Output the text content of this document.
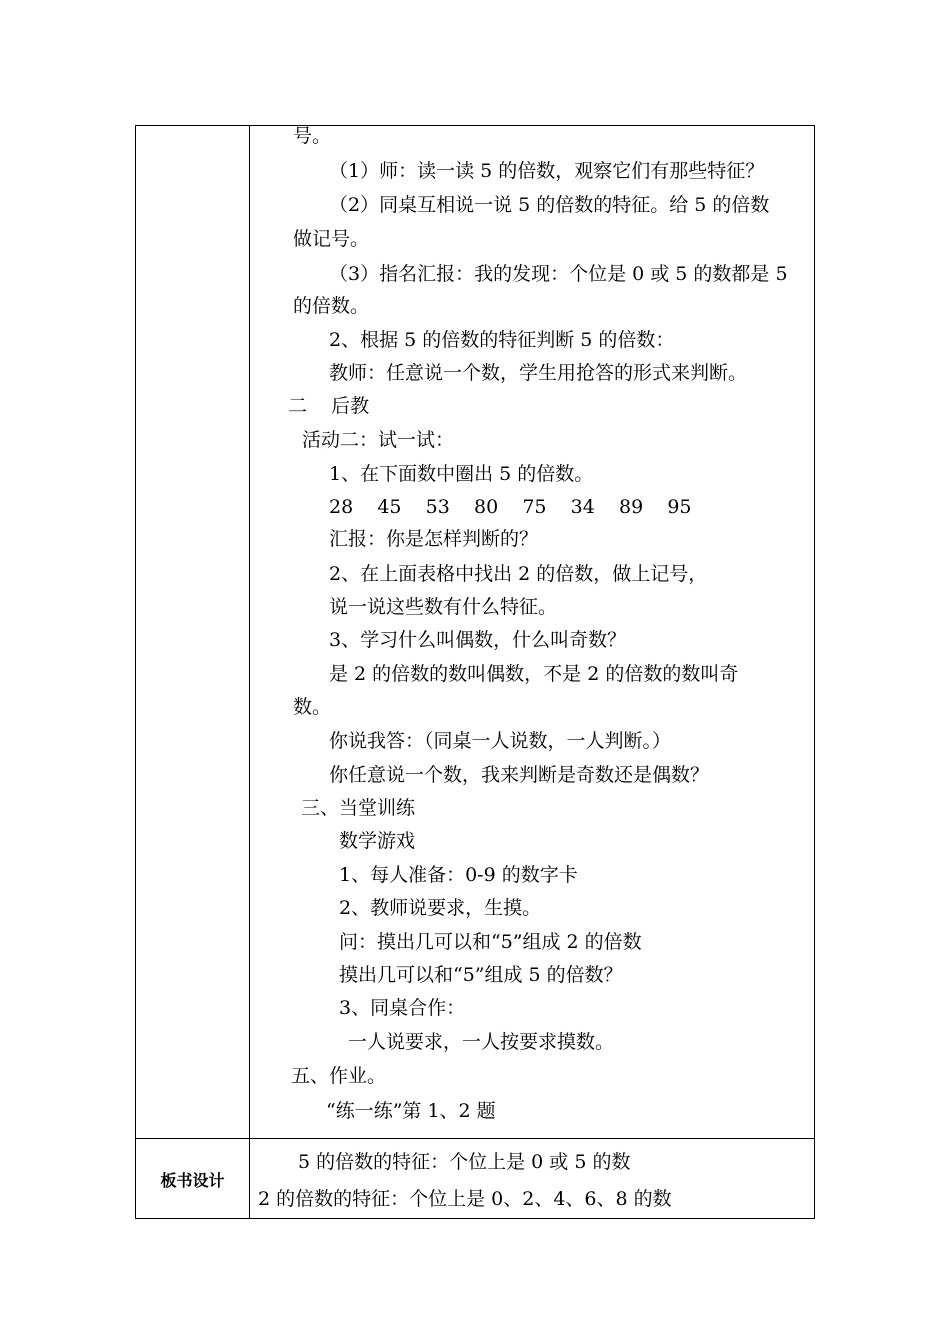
号。
（1）师：读一读 5 的倍数，观察它们有那些特征？
（2）同桌互相说一说 5 的倍数的特征。给 5 的倍数
做记号。
（3）指名汇报：我的发现：个位是 0 或 5 的数都是 5
的倍数。
2、根据 5 的倍数的特征判断 5 的倍数：
教师：任意说一个数，学生用抢答的形式来判断。
二    后教
活动二：试一试：
1、在下面数中圈出 5 的倍数。
28    45    53    80    75    34    89    95
汇报：你是怎样判断的？
2、在上面表格中找出 2 的倍数，做上记号，
说一说这些数有什么特征。
3、学习什么叫偶数，什么叫奇数？
是 2 的倍数的数叫偶数，不是 2 的倍数的数叫奇
数。
你说我答：（同桌一人说数，一人判断。）
你任意说一个数，我来判断是奇数还是偶数？
三、当堂训练
数学游戏
1、每人准备：0-9 的数字卡
2、教师说要求，生摸。
问：摸出几可以和“5”组成 2 的倍数
摸出几可以和“5”组成 5 的倍数？
3、同桌合作：
一人说要求，一人按要求摸数。
五、作业。
“练一练”第 1、2 题
板书设计
5 的倍数的特征：个位上是 0 或 5 的数
2 的倍数的特征：个位上是 0、2、4、6、8 的数
